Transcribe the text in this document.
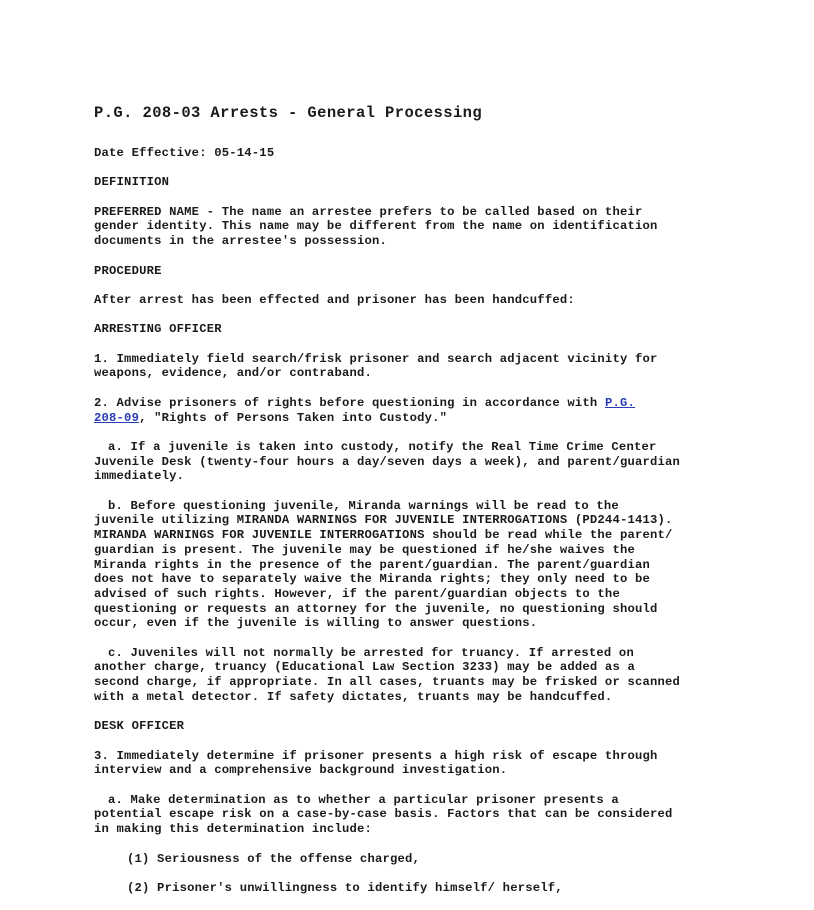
P.G. 208-03 Arrests - General Processing

Date Effective: 05-14-15

DEFINITION

PREFERRED NAME - The name an arrestee prefers to be called based on their
gender identity. This name may be different from the name on identification
documents in the arrestee's possession.

PROCEDURE

After arrest has been effected and prisoner has been handcuffed:

ARRESTING OFFICER

1. Immediately field search/frisk prisoner and search adjacent vicinity for
weapons, evidence, and/or contraband.

2. Advise prisoners of rights before questioning in accordance with P.G.
208-09, "Rights of Persons Taken into Custody."

a. If a juvenile is taken into custody, notify the Real Time Crime Center

Juvenile Desk (twenty-four hours a day/seven days a week), and parent/guardian
immediately.

b. Before questioning juvenile, Miranda warnings will be read to the

juvenile utilizing MIRANDA WARNINGS FOR JUVENILE INTERROGATIONS (PD244-1413).
MIRANDA WARNINGS FOR JUVENILE INTERROGATIONS should be read while the parent/
guardian is present. The juvenile may be questioned if he/she waives the
Miranda rights in the presence of the parent/guardian. The parent/guardian
does not have to separately waive the Miranda rights; they only need to be
advised of such rights. However, if the parent/guardian objects to the
questioning or requests an attorney for the juvenile, no questioning should
occur, even if the juvenile is willing to answer questions.

c. Juveniles will not normally be arrested for truancy. If arrested on

another charge, truancy (Educational Law Section 3233) may be added as a
second charge, if appropriate. In all cases, truants may be frisked or scanned
with a metal detector. If safety dictates, truants may be handcuffed.

DESK OFFICER

3. Immediately determine if prisoner presents a high risk of escape through
interview and a comprehensive background investigation.

a. Make determination as to whether a particular prisoner presents a

potential escape risk on a case-by-case basis. Factors that can be considered
in making this determination include:

(1) Seriousness of the offense charged,

(2) Prisoner's unwillingness to identify himself/ herself,
